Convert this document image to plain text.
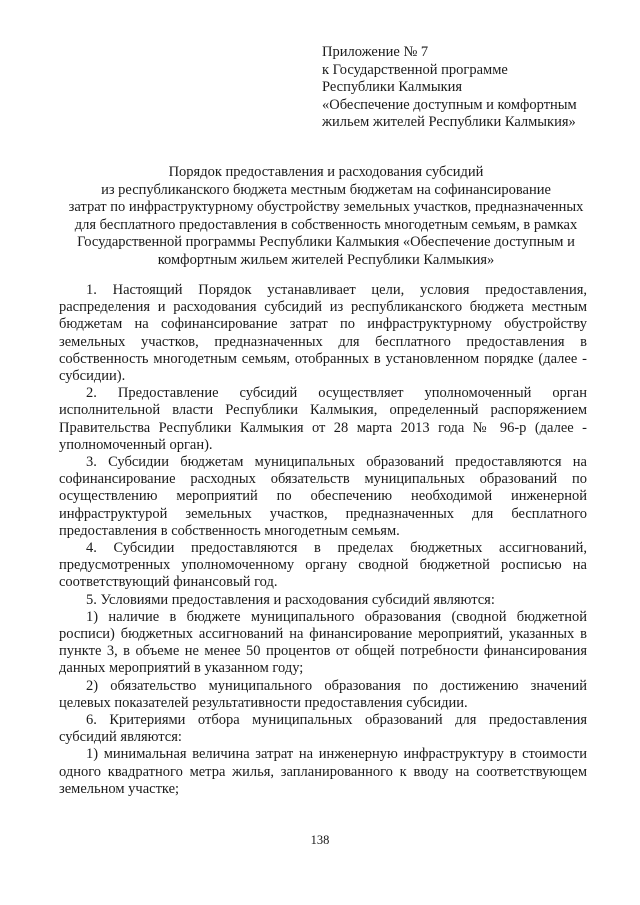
Приложение № 7
к Государственной программе
Республики Калмыкия
«Обеспечение доступным и комфортным
жильем жителей Республики Калмыкия»
Порядок предоставления и расходования субсидий
из республиканского бюджета местным бюджетам на софинансирование
затрат по инфраструктурному обустройству земельных участков, предназначенных
для бесплатного предоставления в собственность многодетным семьям, в рамках
Государственной программы Республики Калмыкия «Обеспечение доступным и
комфортным жильем жителей Республики Калмыкия»

1. Настоящий Порядок устанавливает цели, условия предоставления, распределения и расходования субсидий из республиканского бюджета местным бюджетам на софинансирование затрат по инфраструктурному обустройству земельных участков, предназначенных для бесплатного предоставления в собственность многодетным семьям, отобранных в установленном порядке (далее - субсидии).

2. Предоставление субсидий осуществляет уполномоченный орган исполнительной власти Республики Калмыкия, определенный распоряжением Правительства Республики Калмыкия от 28 марта 2013 года № 96-р (далее - уполномоченный орган).

3. Субсидии бюджетам муниципальных образований предоставляются на софинансирование расходных обязательств муниципальных образований по осуществлению мероприятий по обеспечению необходимой инженерной инфраструктурой земельных участков, предназначенных для бесплатного предоставления в собственность многодетным семьям.

4. Субсидии предоставляются в пределах бюджетных ассигнований, предусмотренных уполномоченному органу сводной бюджетной росписью на соответствующий финансовый год.

5. Условиями предоставления и расходования субсидий являются:

1) наличие в бюджете муниципального образования (сводной бюджетной росписи) бюджетных ассигнований на финансирование мероприятий, указанных в пункте 3, в объеме не менее 50 процентов от общей потребности финансирования данных мероприятий в указанном году;

2) обязательство муниципального образования по достижению значений целевых показателей результативности предоставления субсидии.

6. Критериями отбора муниципальных образований для предоставления субсидий являются:

1) минимальная величина затрат на инженерную инфраструктуру в стоимости одного квадратного метра жилья, запланированного к вводу на соответствующем земельном участке;

138
